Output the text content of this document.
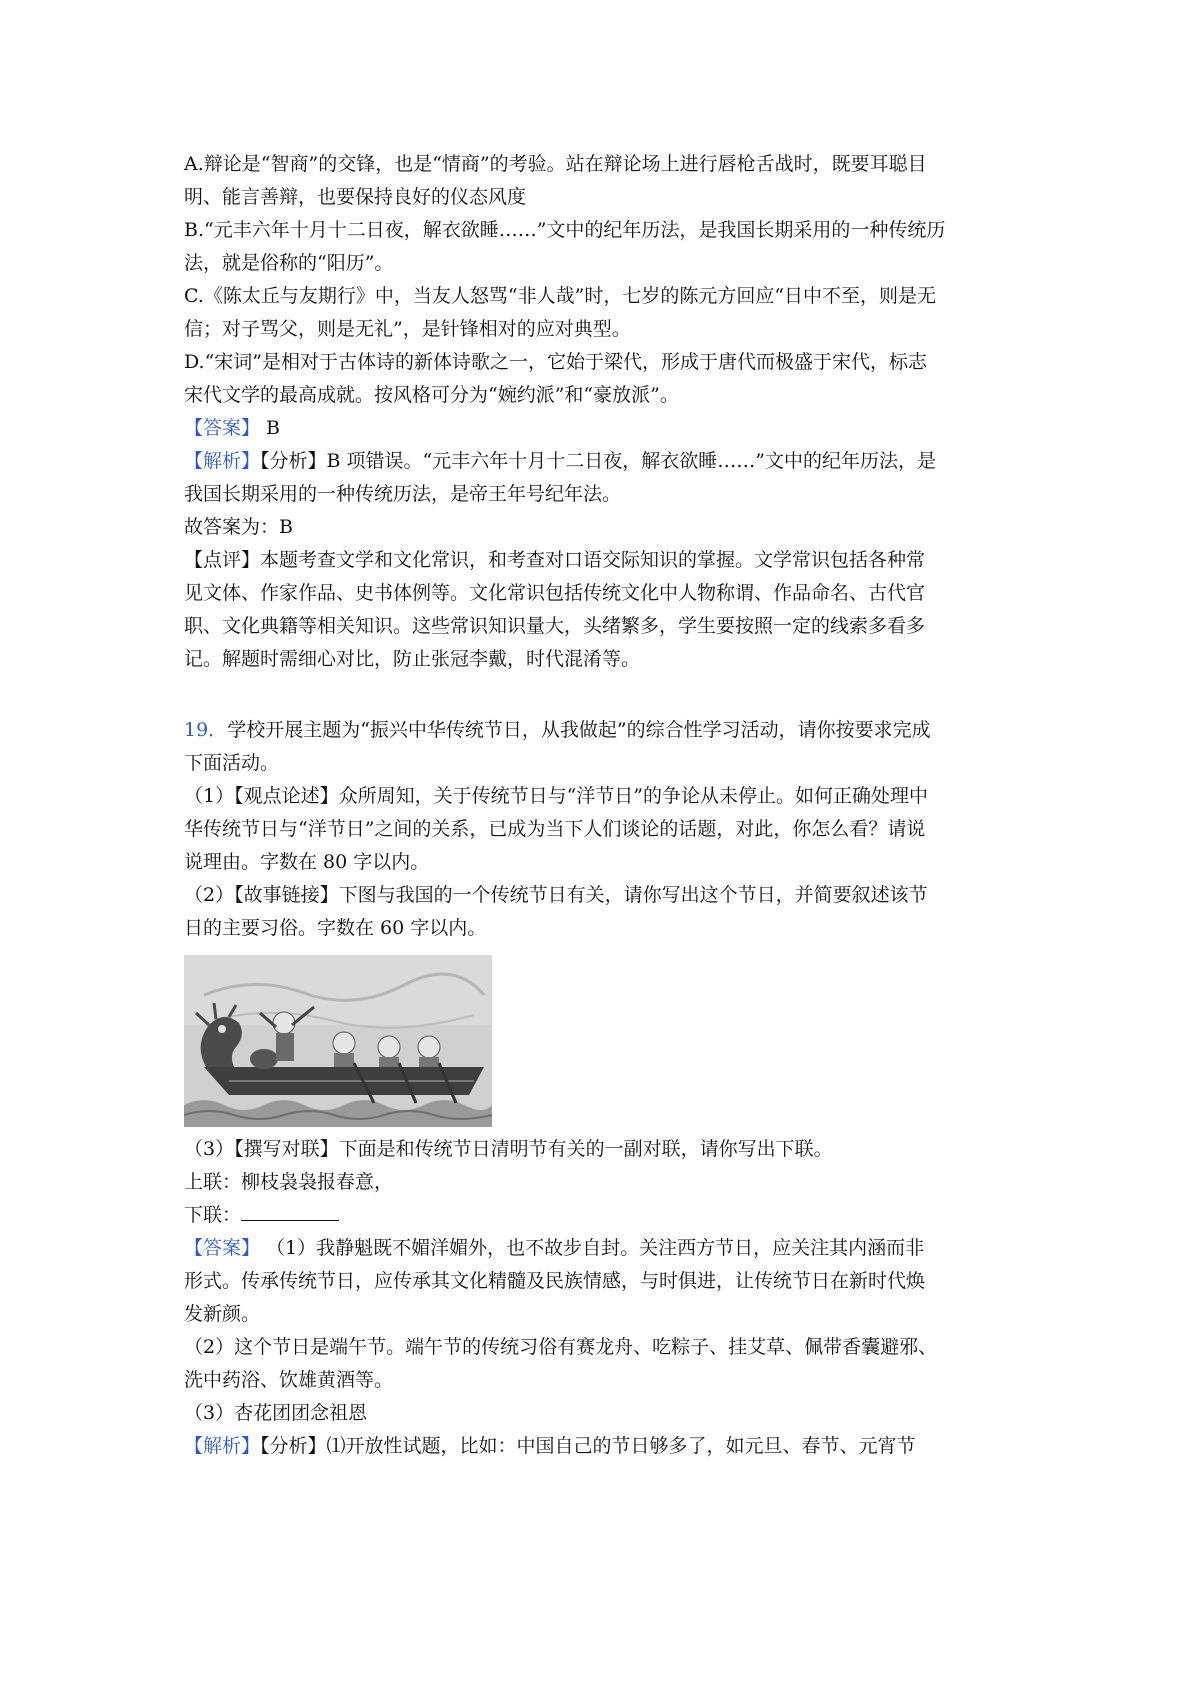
A.辩论是“智商”的交锋，也是“情商”的考验。站在辩论场上进行唇枪舌战时，既要耳聪目

明、能言善辩，也要保持良好的仪态风度

B.“元丰六年十月十二日夜，解衣欲睡……”文中的纪年历法，是我国长期采用的一种传统历

法，就是俗称的“阳历”。

C.《陈太丘与友期行》中，当友人怒骂“非人哉”时，七岁的陈元方回应“日中不至，则是无

信；对子骂父，则是无礼”，是针锋相对的应对典型。

D.“宋词”是相对于古体诗的新体诗歌之一，它始于梁代，形成于唐代而极盛于宋代，标志

宋代文学的最高成就。按风格可分为“婉约派”和“豪放派”。

【答案】 B

【解析】【分析】B 项错误。“元丰六年十月十二日夜，解衣欲睡……”文中的纪年历法，是

我国长期采用的一种传统历法，是帝王年号纪年法。

故答案为：B

【点评】本题考查文学和文化常识，和考查对口语交际知识的掌握。文学常识包括各种常

见文体、作家作品、史书体例等。文化常识包括传统文化中人物称谓、作品命名、古代官

职、文化典籍等相关知识。这些常识知识量大，头绪繁多，学生要按照一定的线索多看多

记。解题时需细心对比，防止张冠李戴，时代混淆等。

19．学校开展主题为“振兴中华传统节日，从我做起”的综合性学习活动，请你按要求完成

下面活动。

（1）【观点论述】众所周知，关于传统节日与“洋节日”的争论从未停止。如何正确处理中

华传统节日与“洋节日”之间的关系，已成为当下人们谈论的话题，对此，你怎么看？请说

说理由。字数在 80 字以内。

（2）【故事链接】下图与我国的一个传统节日有关，请你写出这个节日，并简要叙述该节

日的主要习俗。字数在 60 字以内。

（3）【撰写对联】下面是和传统节日清明节有关的一副对联，请你写出下联。

上联：柳枝袅袅报春意，

下联：

【答案】 （1）我静魁既不媚洋媚外，也不故步自封。关注西方节日，应关注其内涵而非

形式。传承传统节日，应传承其文化精髓及民族情感，与时俱进，让传统节日在新时代焕

发新颜。

（2）这个节日是端午节。端午节的传统习俗有赛龙舟、吃粽子、挂艾草、佩带香囊避邪、

洗中药浴、饮雄黄酒等。

（3）杏花团团念祖恩

【解析】【分析】⑴开放性试题，比如：中国自己的节日够多了，如元旦、春节、元宵节
